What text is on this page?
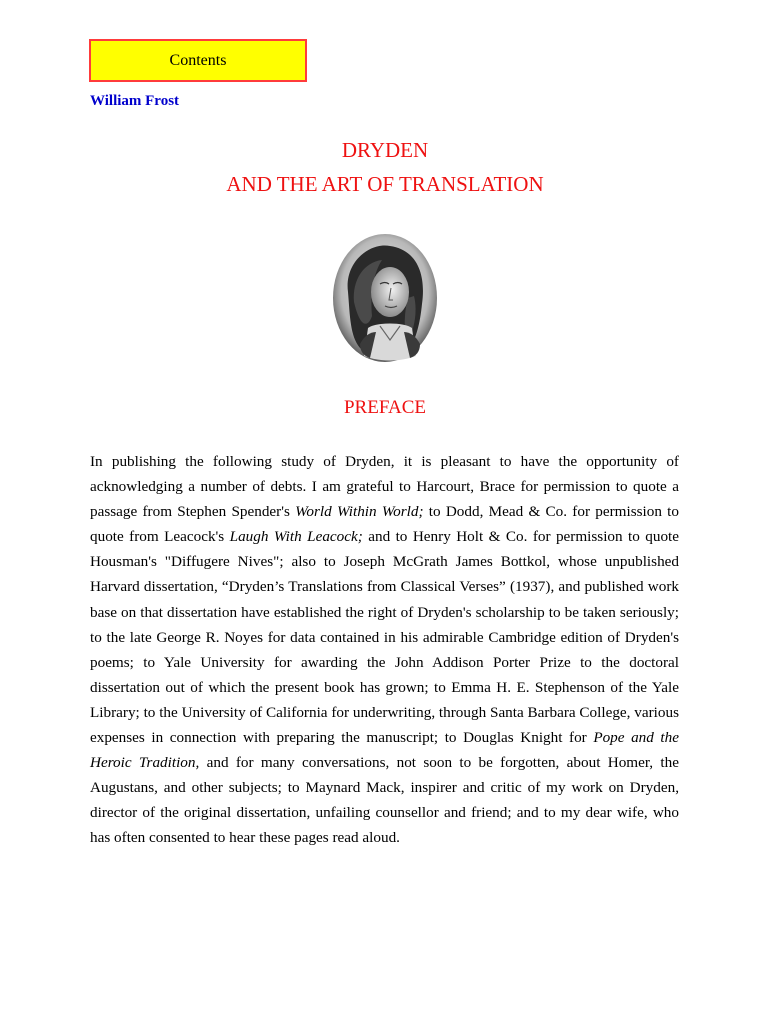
Contents
William Frost
DRYDEN
AND THE ART OF TRANSLATION
PREFACE

In publishing the following study of Dryden, it is pleasant to have the opportunity of acknowledging a number of debts. I am grateful to Harcourt, Brace for permission to quote a passage from Stephen Spender's World Within World; to Dodd, Mead & Co. for permission to quote from Leacock's Laugh With Leacock; and to Henry Holt & Co. for permission to quote Housman's "Diffugere Nives"; also to Joseph McGrath James Bottkol, whose unpublished Harvard dissertation, “Dryden’s Translations from Classical Verses” (1937), and published work base on that dissertation have established the right of Dryden's scholarship to be taken seriously; to the late George R. Noyes for data contained in his admirable Cambridge edition of Dryden's poems; to Yale University for awarding the John Addison Porter Prize to the doctoral dissertation out of which the present book has grown; to Emma H. E. Stephenson of the Yale Library; to the University of California for underwriting, through Santa Barbara College, various expenses in connection with preparing the manuscript; to Douglas Knight for Pope and the Heroic Tradition, and for many conversations, not soon to be forgotten, about Homer, the Augustans, and other subjects; to Maynard Mack, inspirer and critic of my work on Dryden, director of the original dissertation, unfailing counsellor and friend; and to my dear wife, who has often consented to hear these pages read aloud.
